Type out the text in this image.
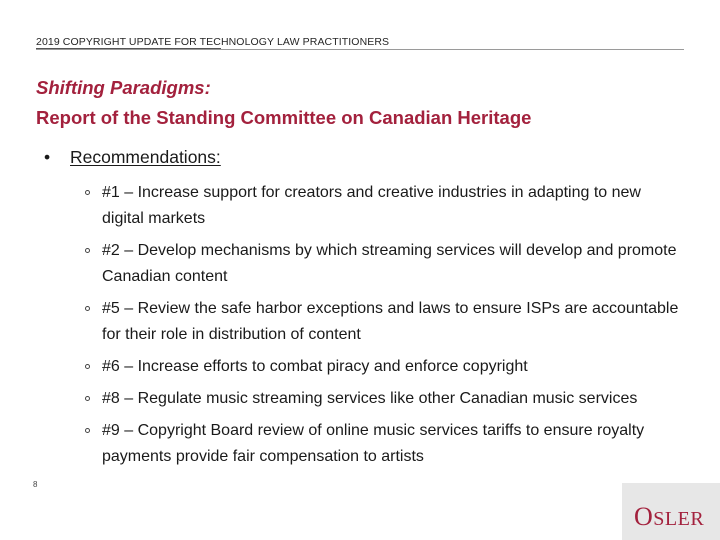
2019 COPYRIGHT UPDATE FOR TECHNOLOGY LAW PRACTITIONERS
Shifting Paradigms:
Report of the Standing Committee on Canadian Heritage
• Recommendations:
#1 – Increase support for creators and creative industries in adapting to new digital markets
#2 – Develop mechanisms by which streaming services will develop and promote Canadian content
#5 – Review the safe harbor exceptions and laws to ensure ISPs are accountable for their role in distribution of content
#6 – Increase efforts to combat piracy and enforce copyright
#8 – Regulate music streaming services like other Canadian music services
#9 – Copyright Board review of online music services tariffs to ensure royalty payments provide fair compensation to artists
8
OSLER
